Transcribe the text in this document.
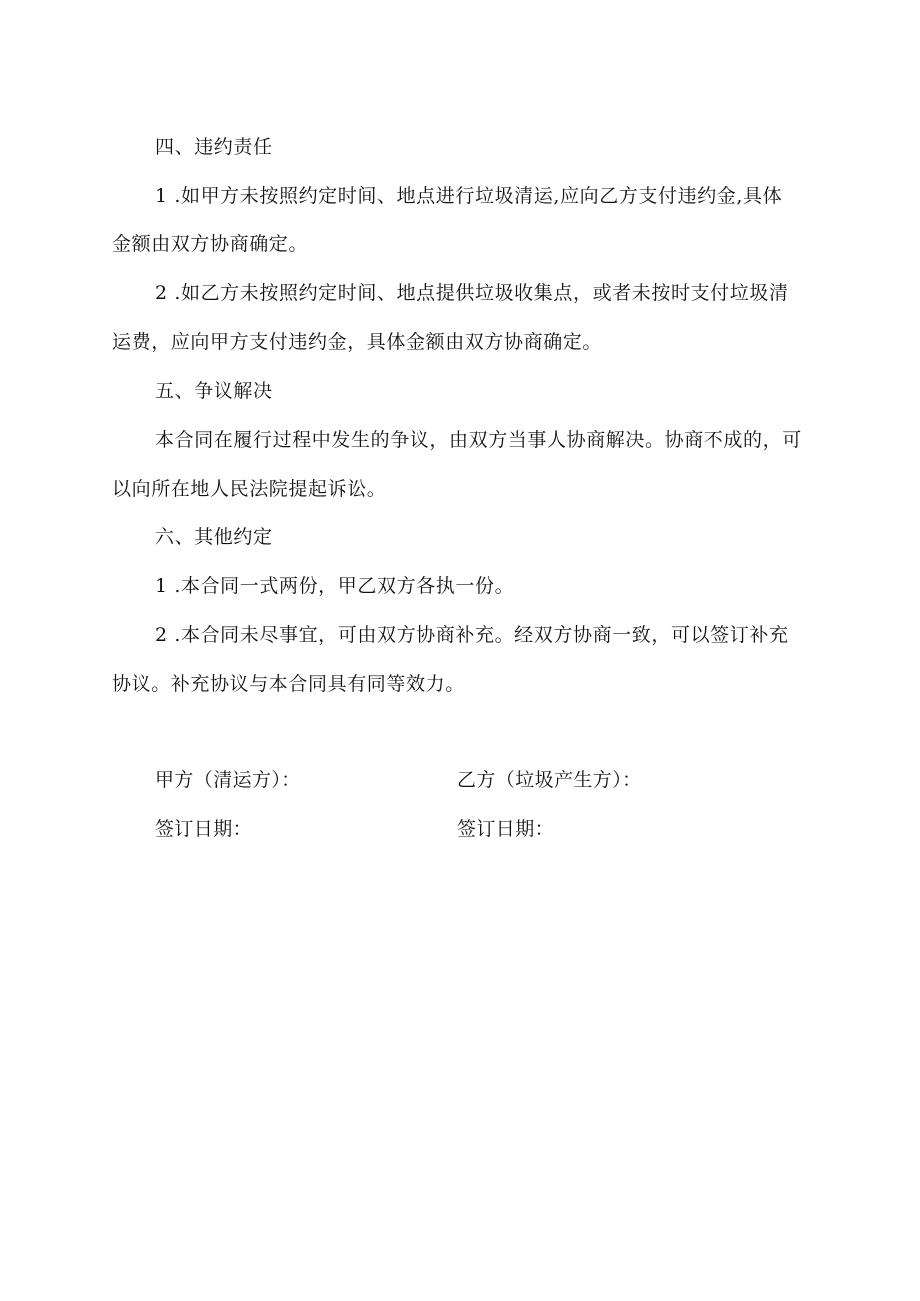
四、违约责任
1 .如甲方未按照约定时间、地点进行垃圾清运,应向乙方支付违约金,具体
金额由双方协商确定。
2 .如乙方未按照约定时间、地点提供垃圾收集点，或者未按时支付垃圾清
运费，应向甲方支付违约金，具体金额由双方协商确定。
五、争议解决
本合同在履行过程中发生的争议，由双方当事人协商解决。协商不成的，可
以向所在地人民法院提起诉讼。
六、其他约定
1 .本合同一式两份，甲乙双方各执一份。
2 .本合同未尽事宜，可由双方协商补充。经双方协商一致，可以签订补充
协议。补充协议与本合同具有同等效力。
甲方（清运方）：	乙方（垃圾产生方）：
签订日期：	签订日期：
